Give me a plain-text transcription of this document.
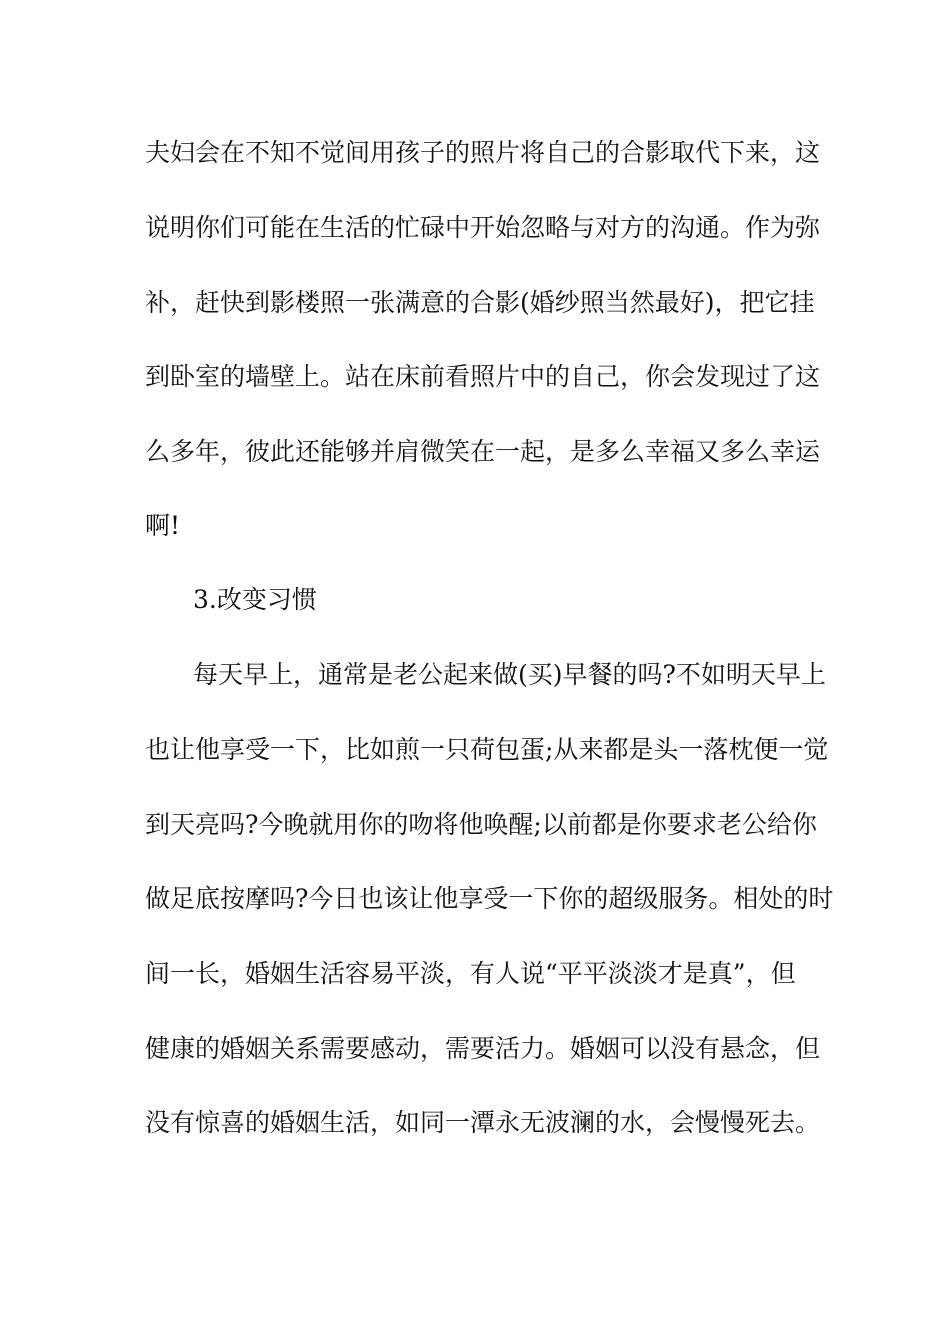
夫妇会在不知不觉间用孩子的照片将自己的合影取代下来，这
说明你们可能在生活的忙碌中开始忽略与对方的沟通。作为弥
补，赶快到影楼照一张满意的合影(婚纱照当然最好)，把它挂
到卧室的墙壁上。站在床前看照片中的自己，你会发现过了这
么多年，彼此还能够并肩微笑在一起，是多么幸福又多么幸运
啊!
3.改变习惯
每天早上，通常是老公起来做(买)早餐的吗?不如明天早上
也让他享受一下，比如煎一只荷包蛋;从来都是头一落枕便一觉
到天亮吗?今晚就用你的吻将他唤醒;以前都是你要求老公给你
做足底按摩吗?今日也该让他享受一下你的超级服务。相处的时
间一长，婚姻生活容易平淡，有人说“平平淡淡才是真”，但
健康的婚姻关系需要感动，需要活力。婚姻可以没有悬念，但
没有惊喜的婚姻生活，如同一潭永无波澜的水，会慢慢死去。
